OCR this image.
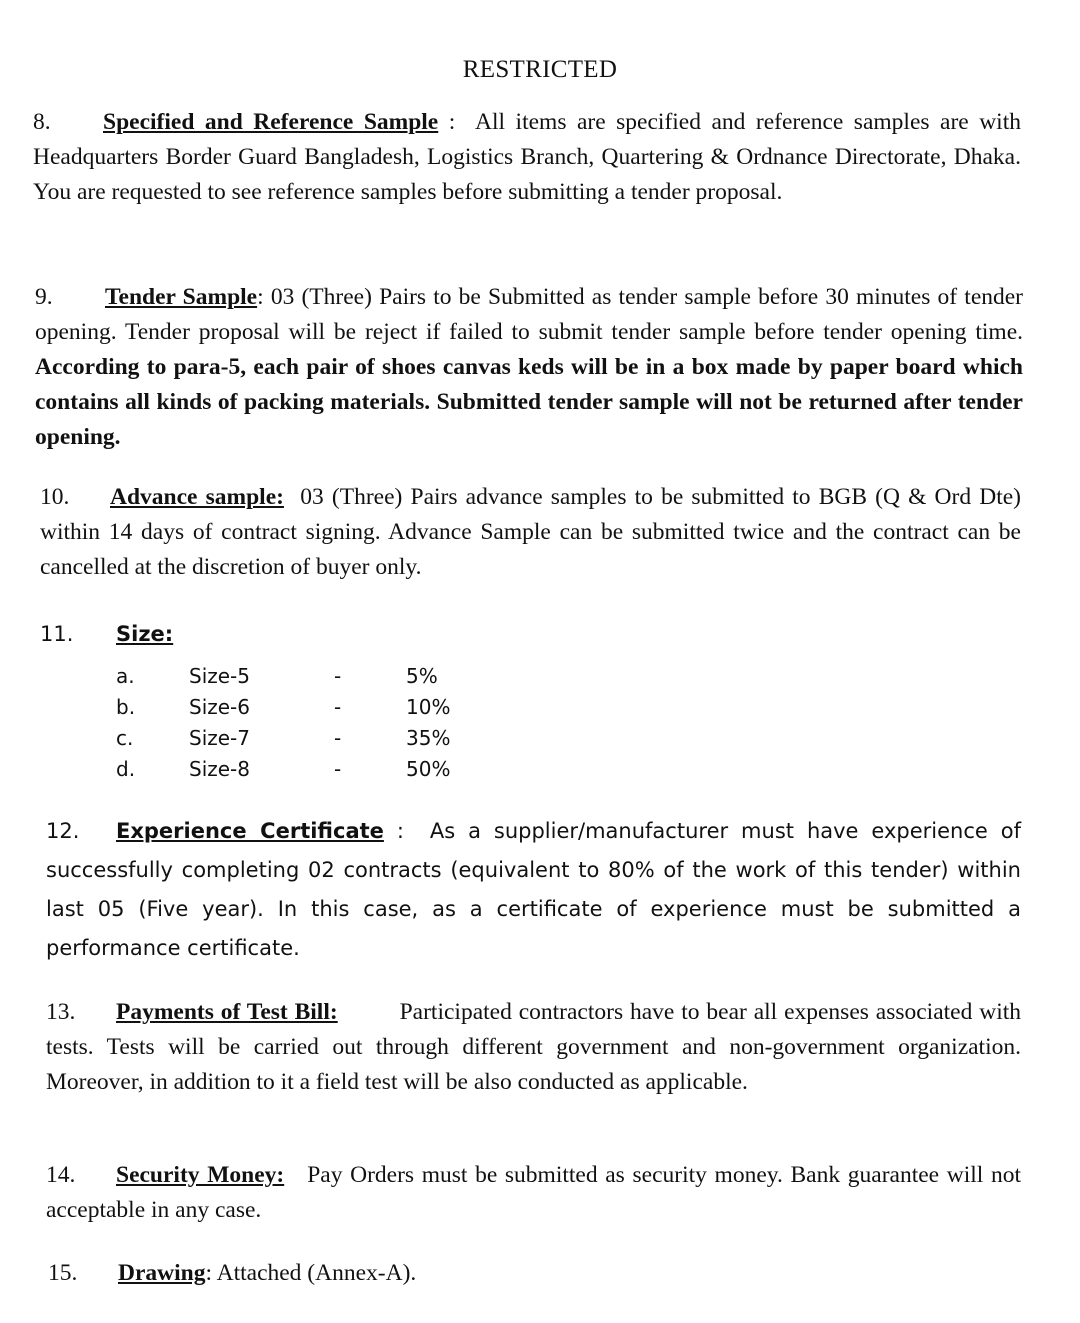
RESTRICTED
8. Specified and Reference Sample : All items are specified and reference samples are with Headquarters Border Guard Bangladesh, Logistics Branch, Quartering & Ordnance Directorate, Dhaka. You are requested to see reference samples before submitting a tender proposal.
9. Tender Sample: 03 (Three) Pairs to be Submitted as tender sample before 30 minutes of tender opening. Tender proposal will be reject if failed to submit tender sample before tender opening time. According to para-5, each pair of shoes canvas keds will be in a box made by paper board which contains all kinds of packing materials. Submitted tender sample will not be returned after tender opening.
10. Advance sample: 03 (Three) Pairs advance samples to be submitted to BGB (Q & Ord Dte) within 14 days of contract signing. Advance Sample can be submitted twice and the contract can be cancelled at the discretion of buyer only.
11. Size:
a.	Size-5	-	5%
b.	Size-6	-	10%
c.	Size-7	-	35%
d.	Size-8	-	50%
12. Experience Certificate : As a supplier/manufacturer must have experience of successfully completing 02 contracts (equivalent to 80% of the work of this tender) within last 05 (Five year). In this case, as a certificate of experience must be submitted a performance certificate.
13. Payments of Test Bill:	Participated contractors have to bear all expenses associated with tests. Tests will be carried out through different government and non-government organization. Moreover, in addition to it a field test will be also conducted as applicable.
14. Security Money: Pay Orders must be submitted as security money. Bank guarantee will not acceptable in any case.
15. Drawing: Attached (Annex-A).
